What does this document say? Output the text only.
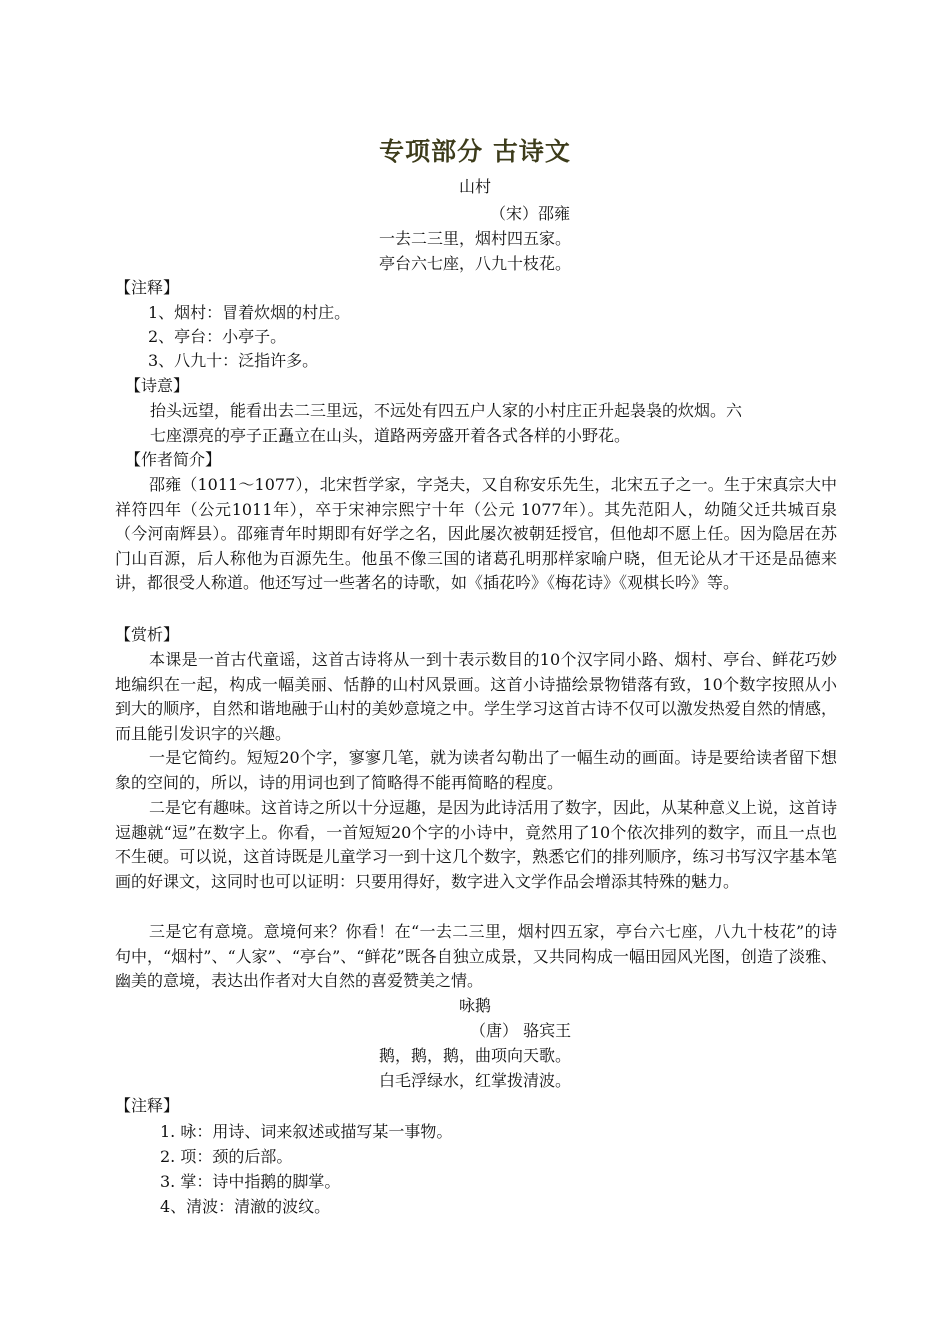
专项部分 古诗文
山村
（宋）邵雍
一去二三里，烟村四五家。
亭台六七座，八九十枝花。
【注释】
1、烟村：冒着炊烟的村庄。
2、亭台：小亭子。
3、八九十：泛指许多。
【诗意】
抬头远望，能看出去二三里远，不远处有四五户人家的小村庄正升起袅袅的炊烟。六
七座漂亮的亭子正矗立在山头，道路两旁盛开着各式各样的小野花。
【作者简介】
邵雍（1011～1077），北宋哲学家，字尧夫，又自称安乐先生，北宋五子之一。生于宋真宗大中祥符四年（公元1011年），卒于宋神宗熙宁十年（公元 1077年）。其先范阳人，幼随父迁共城百泉（今河南辉县）。邵雍青年时期即有好学之名，因此屡次被朝廷授官，但他却不愿上任。因为隐居在苏门山百源，后人称他为百源先生。他虽不像三国的诸葛孔明那样家喻户晓，但无论从才干还是品德来讲，都很受人称道。他还写过一些著名的诗歌，如《插花吟》《梅花诗》《观棋长吟》等。
【赏析】
本课是一首古代童谣，这首古诗将从一到十表示数目的10个汉字同小路、烟村、亭台、鲜花巧妙地编织在一起，构成一幅美丽、恬静的山村风景画。这首小诗描绘景物错落有致，10个数字按照从小到大的顺序，自然和谐地融于山村的美妙意境之中。学生学习这首古诗不仅可以激发热爱自然的情感，而且能引发识字的兴趣。
一是它简约。短短20个字，寥寥几笔，就为读者勾勒出了一幅生动的画面。诗是要给读者留下想象的空间的，所以，诗的用词也到了简略得不能再简略的程度。
二是它有趣味。这首诗之所以十分逗趣，是因为此诗活用了数字，因此，从某种意义上说，这首诗逗趣就“逗”在数字上。你看，一首短短20个字的小诗中，竟然用了10个依次排列的数字，而且一点也不生硬。可以说，这首诗既是儿童学习一到十这几个数字，熟悉它们的排列顺序，练习书写汉字基本笔画的好课文，这同时也可以证明：只要用得好，数字进入文学作品会增添其特殊的魅力。
三是它有意境。意境何来？你看！在“一去二三里，烟村四五家，亭台六七座，八九十枝花”的诗句中，“烟村”、“人家”、“亭台”、“鲜花”既各自独立成景，又共同构成一幅田园风光图，创造了淡雅、幽美的意境，表达出作者对大自然的喜爱赞美之情。
咏鹅
（唐） 骆宾王
鹅，鹅，鹅，曲项向天歌。
白毛浮绿水，红掌拨清波。
【注释】
1. 咏：用诗、词来叙述或描写某一事物。
2. 项：颈的后部。
3. 掌：诗中指鹅的脚掌。
4、清波：清澈的波纹。
